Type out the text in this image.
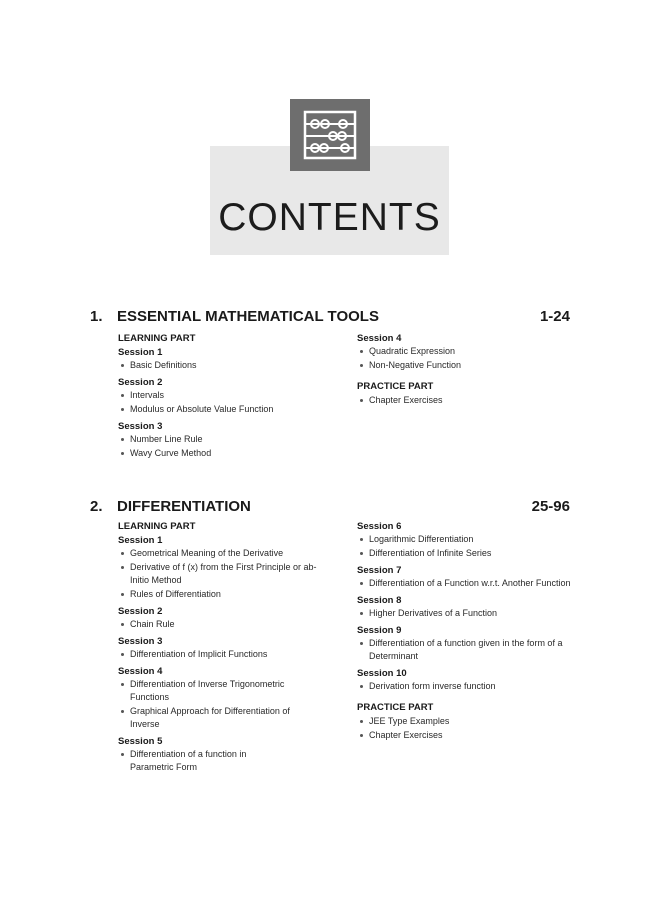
CONTENTS
1. ESSENTIAL MATHEMATICAL TOOLS	1-24
LEARNING PART
Session 1
Basic Definitions
Session 2
Intervals
Modulus or Absolute Value Function
Session 3
Number Line Rule
Wavy Curve Method
Session 4
Quadratic Expression
Non-Negative Function
PRACTICE PART
Chapter Exercises
2. DIFFERENTIATION	25-96
LEARNING PART
Session 1
Geometrical Meaning of the Derivative
Derivative of f (x) from the First Principle or ab-Initio Method
Rules of Differentiation
Session 2
Chain Rule
Session 3
Differentiation of Implicit Functions
Session 4
Differentiation of Inverse Trigonometric Functions
Graphical Approach for Differentiation of Inverse
Session 5
Differentiation of a function in Parametric Form
Session 6
Logarithmic Differentiation
Differentiation of Infinite Series
Session 7
Differentiation of a Function w.r.t. Another Function
Session 8
Higher Derivatives of a Function
Session 9
Differentiation of a function given in the form of a Determinant
Session 10
Derivation form inverse function
PRACTICE PART
JEE Type Examples
Chapter Exercises
